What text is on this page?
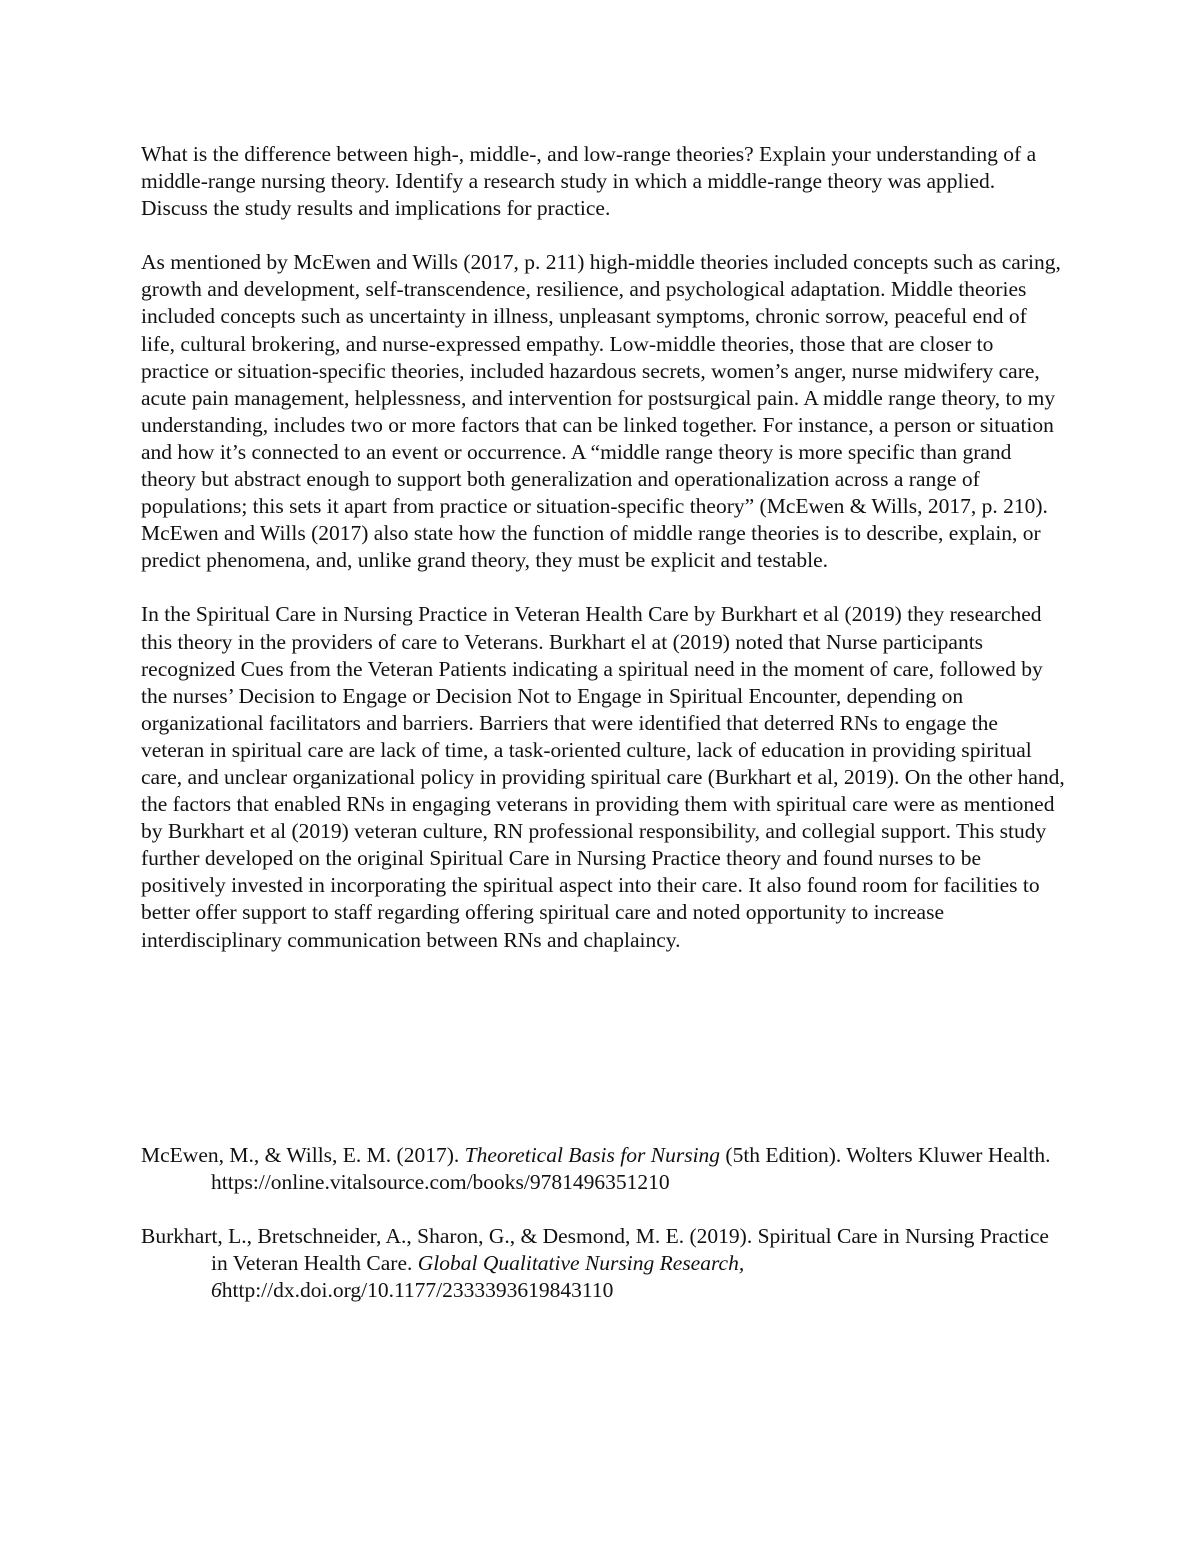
What is the difference between high-, middle-, and low-range theories? Explain your understanding of a middle-range nursing theory. Identify a research study in which a middle-range theory was applied. Discuss the study results and implications for practice.

As mentioned by McEwen and Wills (2017, p. 211) high-middle theories included concepts such as caring, growth and development, self-transcendence, resilience, and psychological adaptation. Middle theories included concepts such as uncertainty in illness, unpleasant symptoms, chronic sorrow, peaceful end of life, cultural brokering, and nurse-expressed empathy. Low-middle theories, those that are closer to practice or situation-specific theories, included hazardous secrets, women’s anger, nurse midwifery care, acute pain management, helplessness, and intervention for postsurgical pain. A middle range theory, to my understanding, includes two or more factors that can be linked together. For instance, a person or situation and how it’s connected to an event or occurrence. A “middle range theory is more specific than grand theory but abstract enough to support both generalization and operationalization across a range of populations; this sets it apart from practice or situation-specific theory” (McEwen & Wills, 2017, p. 210). McEwen and Wills (2017) also state how the function of middle range theories is to describe, explain, or predict phenomena, and, unlike grand theory, they must be explicit and testable.

In the Spiritual Care in Nursing Practice in Veteran Health Care by Burkhart et al (2019) they researched this theory in the providers of care to Veterans. Burkhart el at (2019) noted that Nurse participants recognized Cues from the Veteran Patients indicating a spiritual need in the moment of care, followed by the nurses’ Decision to Engage or Decision Not to Engage in Spiritual Encounter, depending on organizational facilitators and barriers. Barriers that were identified that deterred RNs to engage the veteran in spiritual care are lack of time, a task-oriented culture, lack of education in providing spiritual care, and unclear organizational policy in providing spiritual care (Burkhart et al, 2019). On the other hand, the factors that enabled RNs in engaging veterans in providing them with spiritual care were as mentioned by Burkhart et al (2019) veteran culture, RN professional responsibility, and collegial support. This study further developed on the original Spiritual Care in Nursing Practice theory and found nurses to be positively invested in incorporating the spiritual aspect into their care. It also found room for facilities to better offer support to staff regarding offering spiritual care and noted opportunity to increase interdisciplinary communication between RNs and chaplaincy.

McEwen, M., & Wills, E. M. (2017). Theoretical Basis for Nursing (5th Edition). Wolters Kluwer Health. https://online.vitalsource.com/books/9781496351210

Burkhart, L., Bretschneider, A., Sharon, G., & Desmond, M. E. (2019). Spiritual Care in Nursing Practice in Veteran Health Care. Global Qualitative Nursing Research, 6http://dx.doi.org/10.1177/2333393619843110
